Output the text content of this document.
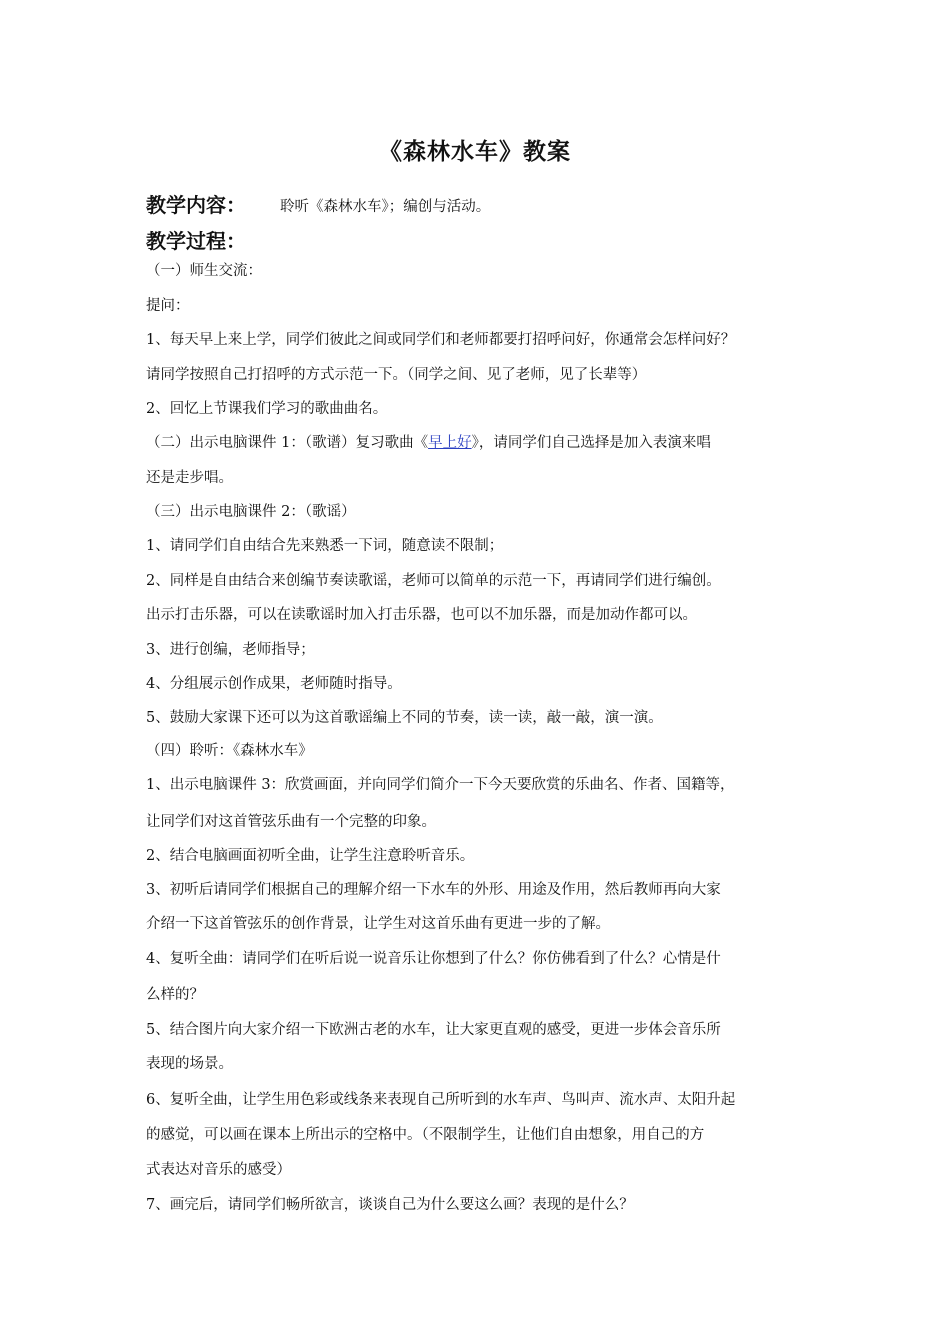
《森林水车》教案
教学内容： 聆听《森林水车》；编创与活动。
教学过程：
（一）师生交流：
提问：
1、每天早上来上学，同学们彼此之间或同学们和老师都要打招呼问好，你通常会怎样问好？
请同学按照自己打招呼的方式示范一下。（同学之间、见了老师，见了长辈等）
2、回忆上节课我们学习的歌曲曲名。
（二）出示电脑课件 1：（歌谱）复习歌曲《早上好》，请同学们自己选择是加入表演来唱
还是走步唱。
（三）出示电脑课件 2：（歌谣）
1、请同学们自由结合先来熟悉一下词，随意读不限制；
2、同样是自由结合来创编节奏读歌谣，老师可以简单的示范一下，再请同学们进行编创。
出示打击乐器，可以在读歌谣时加入打击乐器，也可以不加乐器，而是加动作都可以。
3、进行创编，老师指导；
4、分组展示创作成果，老师随时指导。
5、鼓励大家课下还可以为这首歌谣编上不同的节奏，读一读，敲一敲，演一演。
（四）聆听：《森林水车》
1、出示电脑课件 3：欣赏画面，并向同学们简介一下今天要欣赏的乐曲名、作者、国籍等，
让同学们对这首管弦乐曲有一个完整的印象。
2、结合电脑画面初听全曲，让学生注意聆听音乐。
3、初听后请同学们根据自己的理解介绍一下水车的外形、用途及作用，然后教师再向大家
介绍一下这首管弦乐的创作背景，让学生对这首乐曲有更进一步的了解。
4、复听全曲：请同学们在听后说一说音乐让你想到了什么？你仿佛看到了什么？心情是什
么样的？
5、结合图片向大家介绍一下欧洲古老的水车，让大家更直观的感受，更进一步体会音乐所
表现的场景。
6、复听全曲，让学生用色彩或线条来表现自己所听到的水车声、鸟叫声、流水声、太阳升起
的感觉，可以画在课本上所出示的空格中。（不限制学生，让他们自由想象，用自己的方
式表达对音乐的感受）
7、画完后，请同学们畅所欲言，谈谈自己为什么要这么画？表现的是什么？
